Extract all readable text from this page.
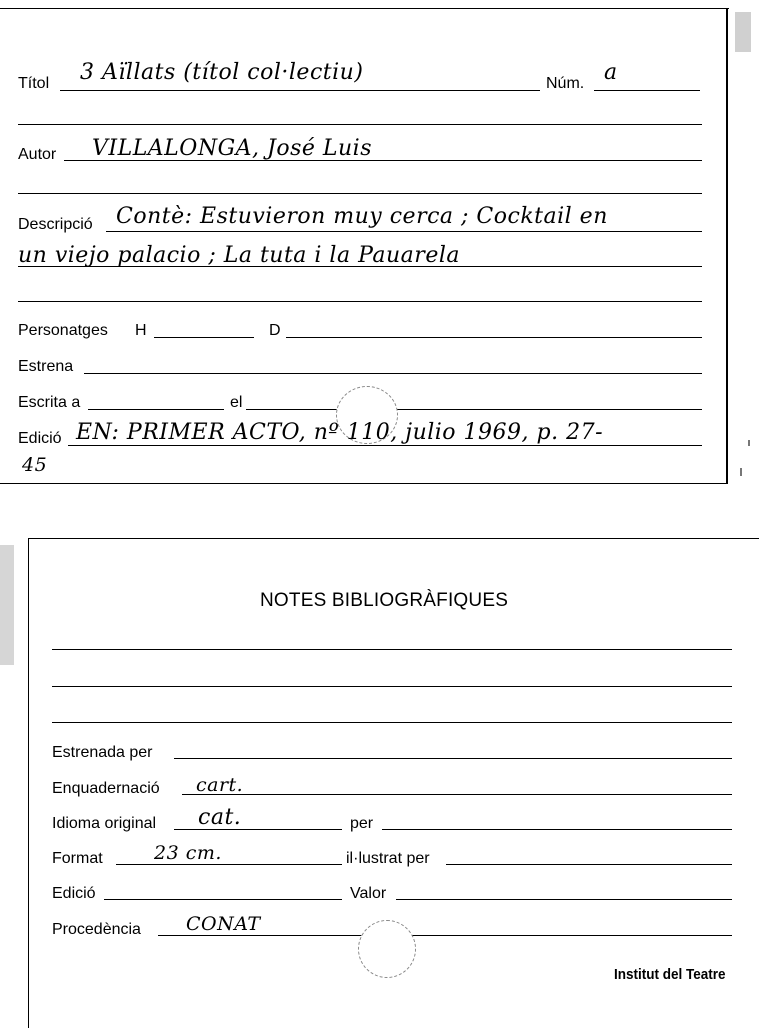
Títol 3 Aïllats (títol col·lectiu)	Núm. a
Autor VILLALONGA, José Luis
Descripció Contè: Estuvieron muy cerca ; Cocktail en
un viejo palacio ; La tuta i la Pauarela
Personatges H	D
Estrena
Escrita a	el
Edició EN: PRIMER ACTO, nº 110, julio 1969, p. 27-
45
NOTES BIBLIOGRÀFIQUES
Estrenada per
Enquadernació cart.
Idioma original cat.	per
Format	23 cm.	il·lustrat per
Edició	Valor
Procedència CONAT
Institut del Teatre
